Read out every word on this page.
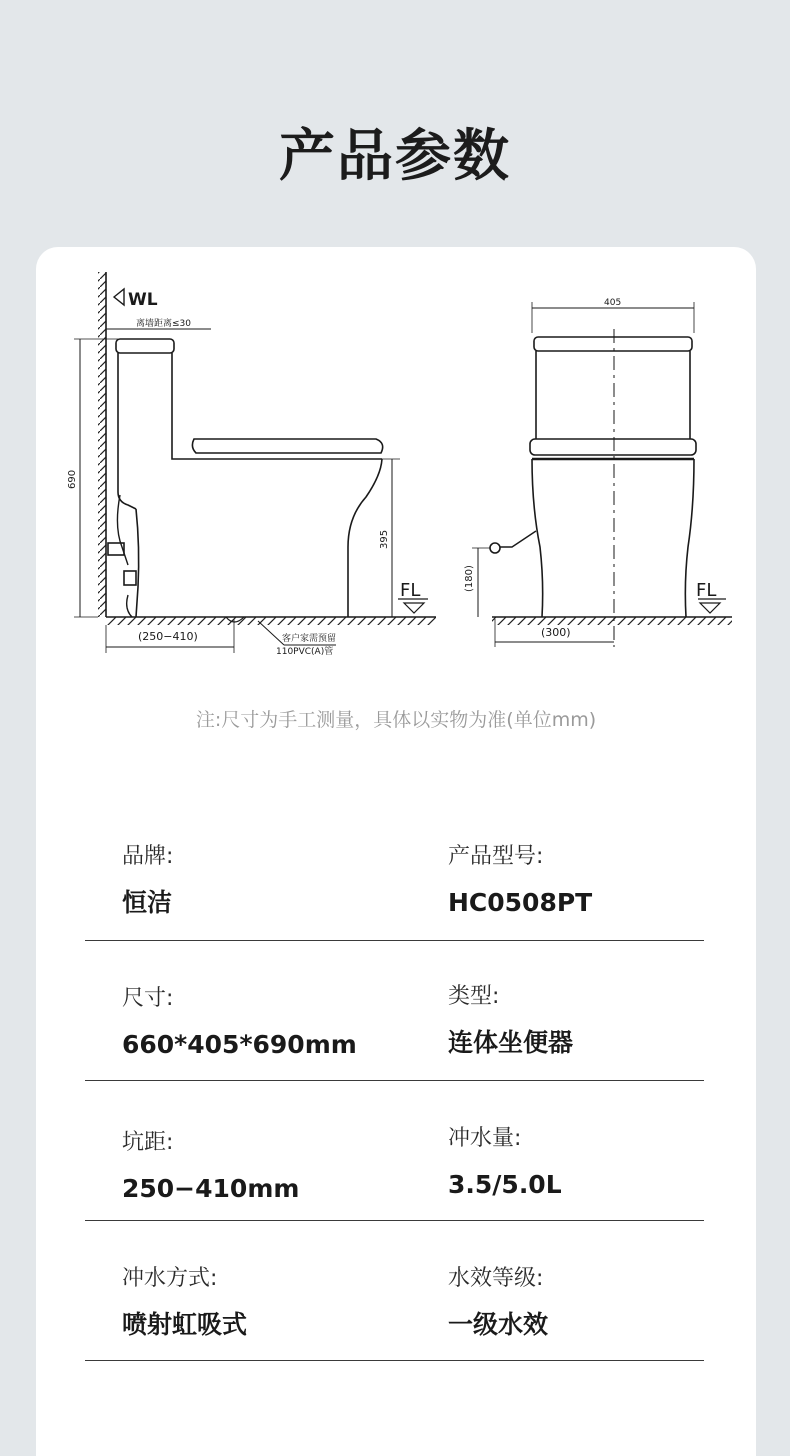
产品参数
WL
离墙距离≤30
690
395
(250−410)	客户家需预留
110PVC(A)管
FL
405
(180)
(300)
FL
注:尺寸为手工测量，具体以实物为准(单位mm)
品牌:
恒洁
产品型号:
HC0508PT
尺寸:
660*405*690mm
类型:
连体坐便器
坑距:
250−410mm
冲水量:
3.5/5.0L
冲水方式:
喷射虹吸式
水效等级:
一级水效
